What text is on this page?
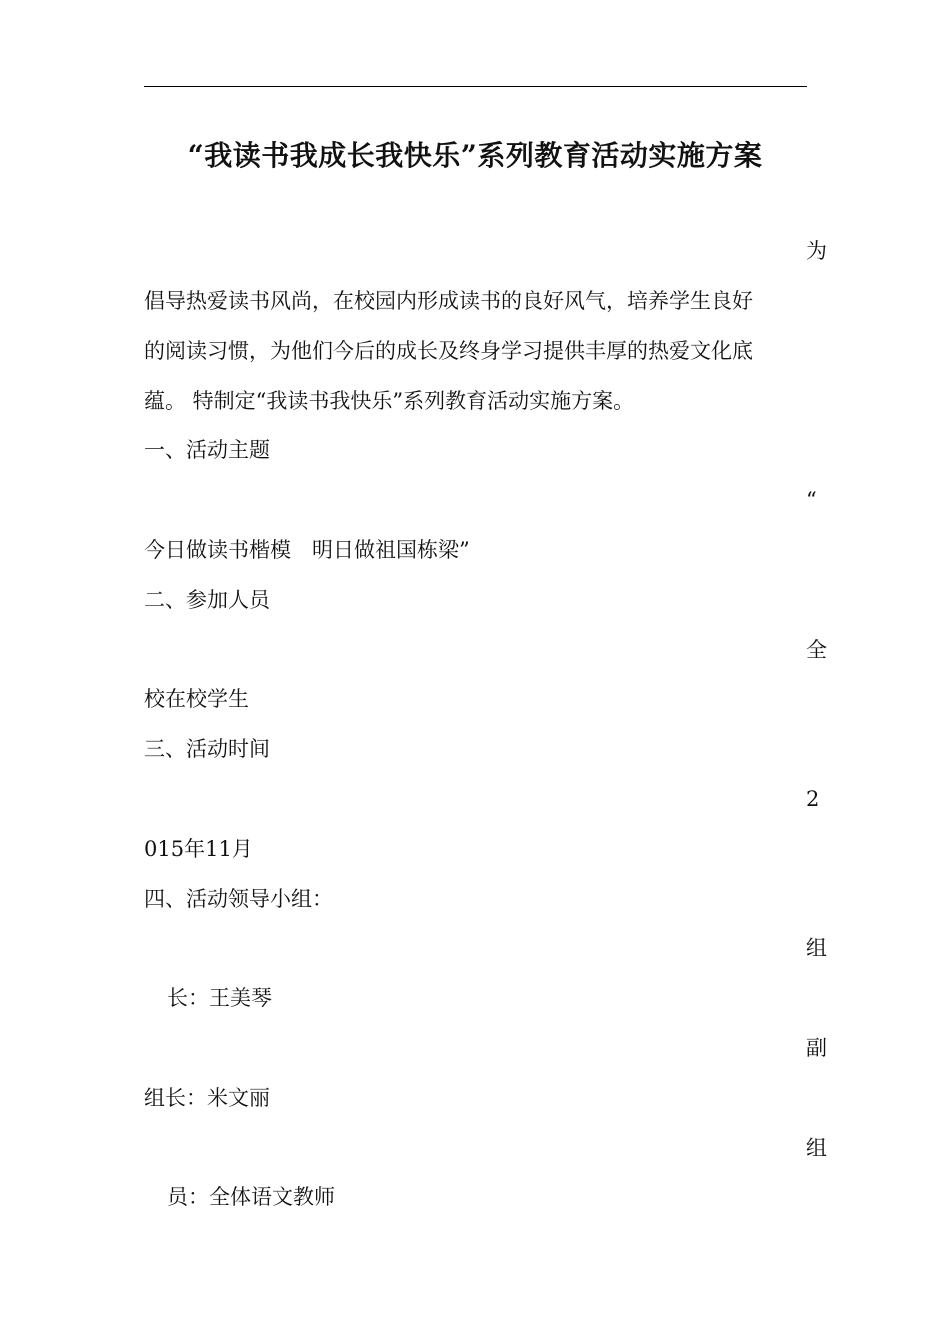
“我读书我成长我快乐”系列教育活动实施方案
为
倡导热爱读书风尚，在校园内形成读书的良好风气，培养学生良好
的阅读习惯，为他们今后的成长及终身学习提供丰厚的热爱文化底
蕴。 特制定“我读书我快乐”系列教育活动实施方案。
一、活动主题
“
今日做读书楷模　明日做祖国栋梁”
二、参加人员
全
校在校学生
三、活动时间
2
015年11月
四、活动领导小组：
组
长：王美琴
副
组长：米文丽
组
员：全体语文教师
